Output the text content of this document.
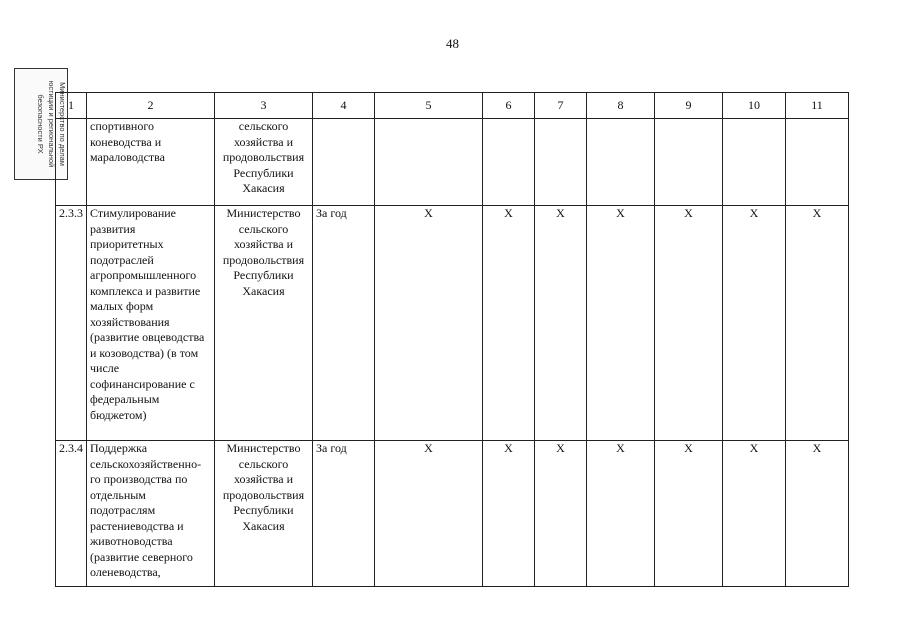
48
Министерство по делам
юстиции и региональной
безопасности РХ 1	2	3	4	5	6	7	8	9	10	11
	спортивного коневодства и мараловодства	сельского хозяйства и продовольствия Республики Хакасия								
2.3.3	Стимулирование развития приоритетных подотраслей агропромышленного комплекса и развитие малых форм хозяйствования (развитие овцеводства и козоводства) (в том числе софинансирование с федеральным бюджетом)	Министерство сельского хозяйства и продовольствия Республики Хакасия	За год	Х	Х	Х	Х	Х	Х	Х
2.3.4	Поддержка сельскохозяйственно-го производства по отдельным подотраслям растениеводства и животноводства (развитие северного оленеводства,	Министерство сельского хозяйства и продовольствия Республики Хакасия	За год	Х	Х	Х	Х	Х	Х	Х
